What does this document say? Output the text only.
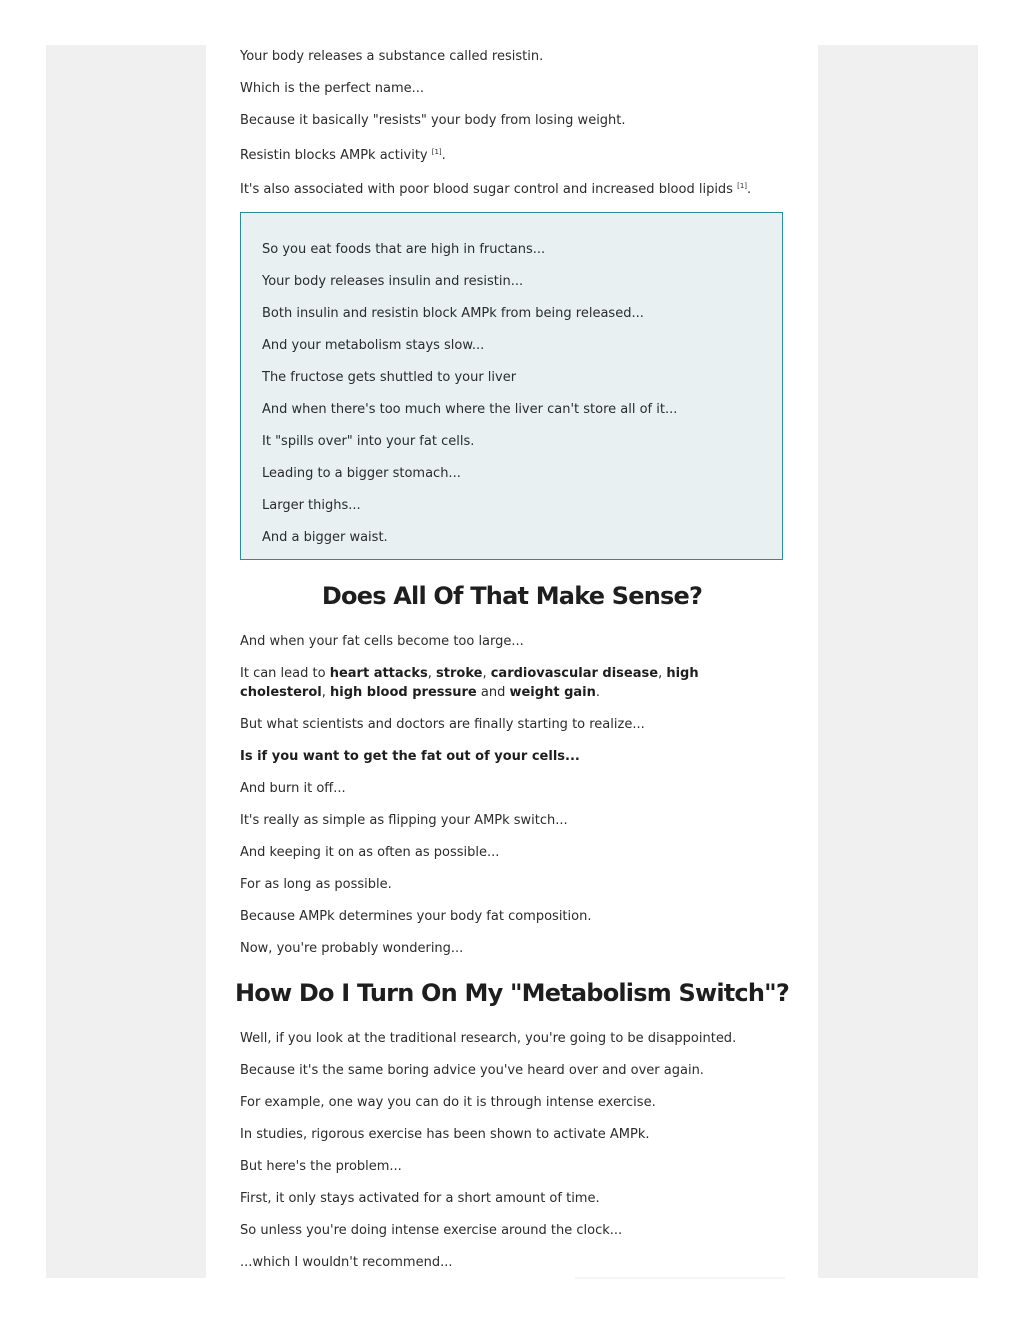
Your body releases a substance called resistin.

Which is the perfect name...

Because it basically "resists" your body from losing weight.

Resistin blocks AMPk activity [1].

It's also associated with poor blood sugar control and increased blood lipids [1].

So you eat foods that are high in fructans...

Your body releases insulin and resistin...

Both insulin and resistin block AMPk from being released...

And your metabolism stays slow...

The fructose gets shuttled to your liver

And when there's too much where the liver can't store all of it...

It "spills over" into your fat cells.

Leading to a bigger stomach...

Larger thighs...

And a bigger waist.

Does All Of That Make Sense?

And when your fat cells become too large...

It can lead to heart attacks, stroke, cardiovascular disease, high cholesterol, high blood pressure and weight gain.

But what scientists and doctors are finally starting to realize...

Is if you want to get the fat out of your cells...

And burn it off...

It's really as simple as flipping your AMPk switch...

And keeping it on as often as possible...

For as long as possible.

Because AMPk determines your body fat composition.

Now, you're probably wondering...

How Do I Turn On My "Metabolism Switch"?

Well, if you look at the traditional research, you're going to be disappointed.

Because it's the same boring advice you've heard over and over again.

For example, one way you can do it is through intense exercise.

In studies, rigorous exercise has been shown to activate AMPk.

But here's the problem...

First, it only stays activated for a short amount of time.

So unless you're doing intense exercise around the clock...

...which I wouldn't recommend...
